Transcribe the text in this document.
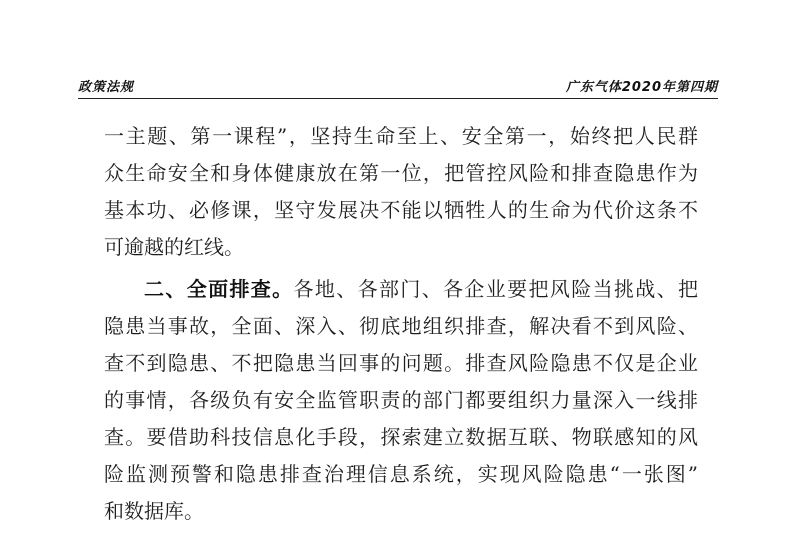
政策法规	广东气体2020年第四期
一主题、第一课程”，坚持生命至上、安全第一，始终把人民群
众生命安全和身体健康放在第一位，把管控风险和排查隐患作为
基本功、必修课，坚守发展决不能以牺牲人的生命为代价这条不
可逾越的红线。
二、全面排查。各地、各部门、各企业要把风险当挑战、把
隐患当事故，全面、深入、彻底地组织排查，解决看不到风险、
查不到隐患、不把隐患当回事的问题。排查风险隐患不仅是企业
的事情，各级负有安全监管职责的部门都要组织力量深入一线排
查。要借助科技信息化手段，探索建立数据互联、物联感知的风
险监测预警和隐患排查治理信息系统，实现风险隐患“一张图”
和数据库。
